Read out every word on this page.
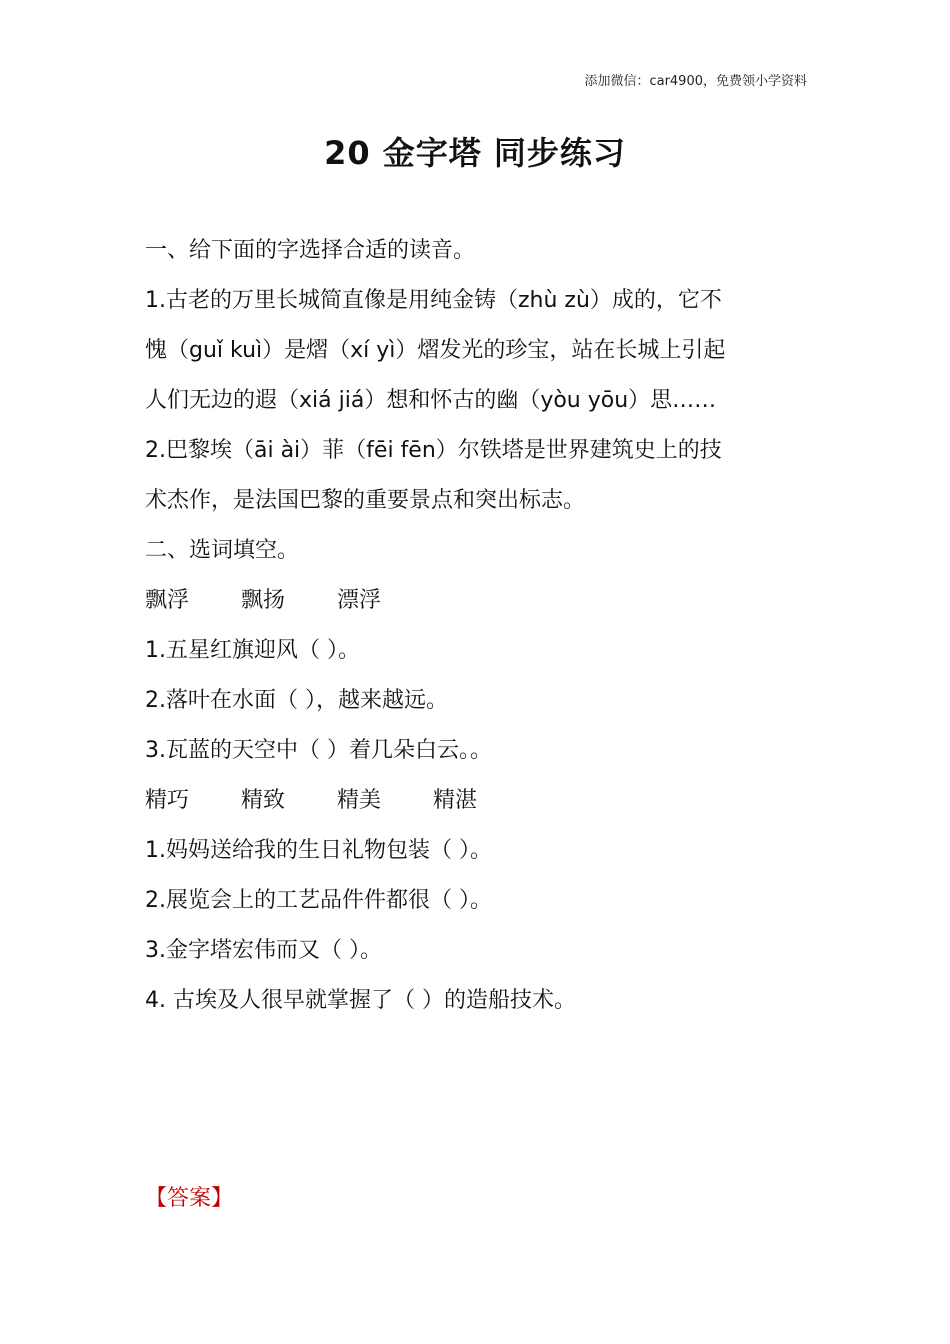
添加微信：car4900，免费领小学资料
20 金字塔 同步练习
一、给下面的字选择合适的读音。
1.古老的万里长城简直像是用纯金铸（zhù zù）成的，它不
愧（guǐ kuì）是熠（xí yì）熠发光的珍宝，站在长城上引起
人们无边的遐（xiá jiá）想和怀古的幽（yòu yōu）思……
2.巴黎埃（āi ài）菲（fēi fēn）尔铁塔是世界建筑史上的技
术杰作，是法国巴黎的重要景点和突出标志。
二、选词填空。
飘浮 飘扬 漂浮
1.五星红旗迎风（ ）。
2.落叶在水面（ ），越来越远。
3.瓦蓝的天空中（ ）着几朵白云。。
精巧 精致 精美 精湛
1.妈妈送给我的生日礼物包装（ ）。
2.展览会上的工艺品件件都很（ ）。
3.金字塔宏伟而又（ ）。
4. 古埃及人很早就掌握了（ ）的造船技术。
【答案】
